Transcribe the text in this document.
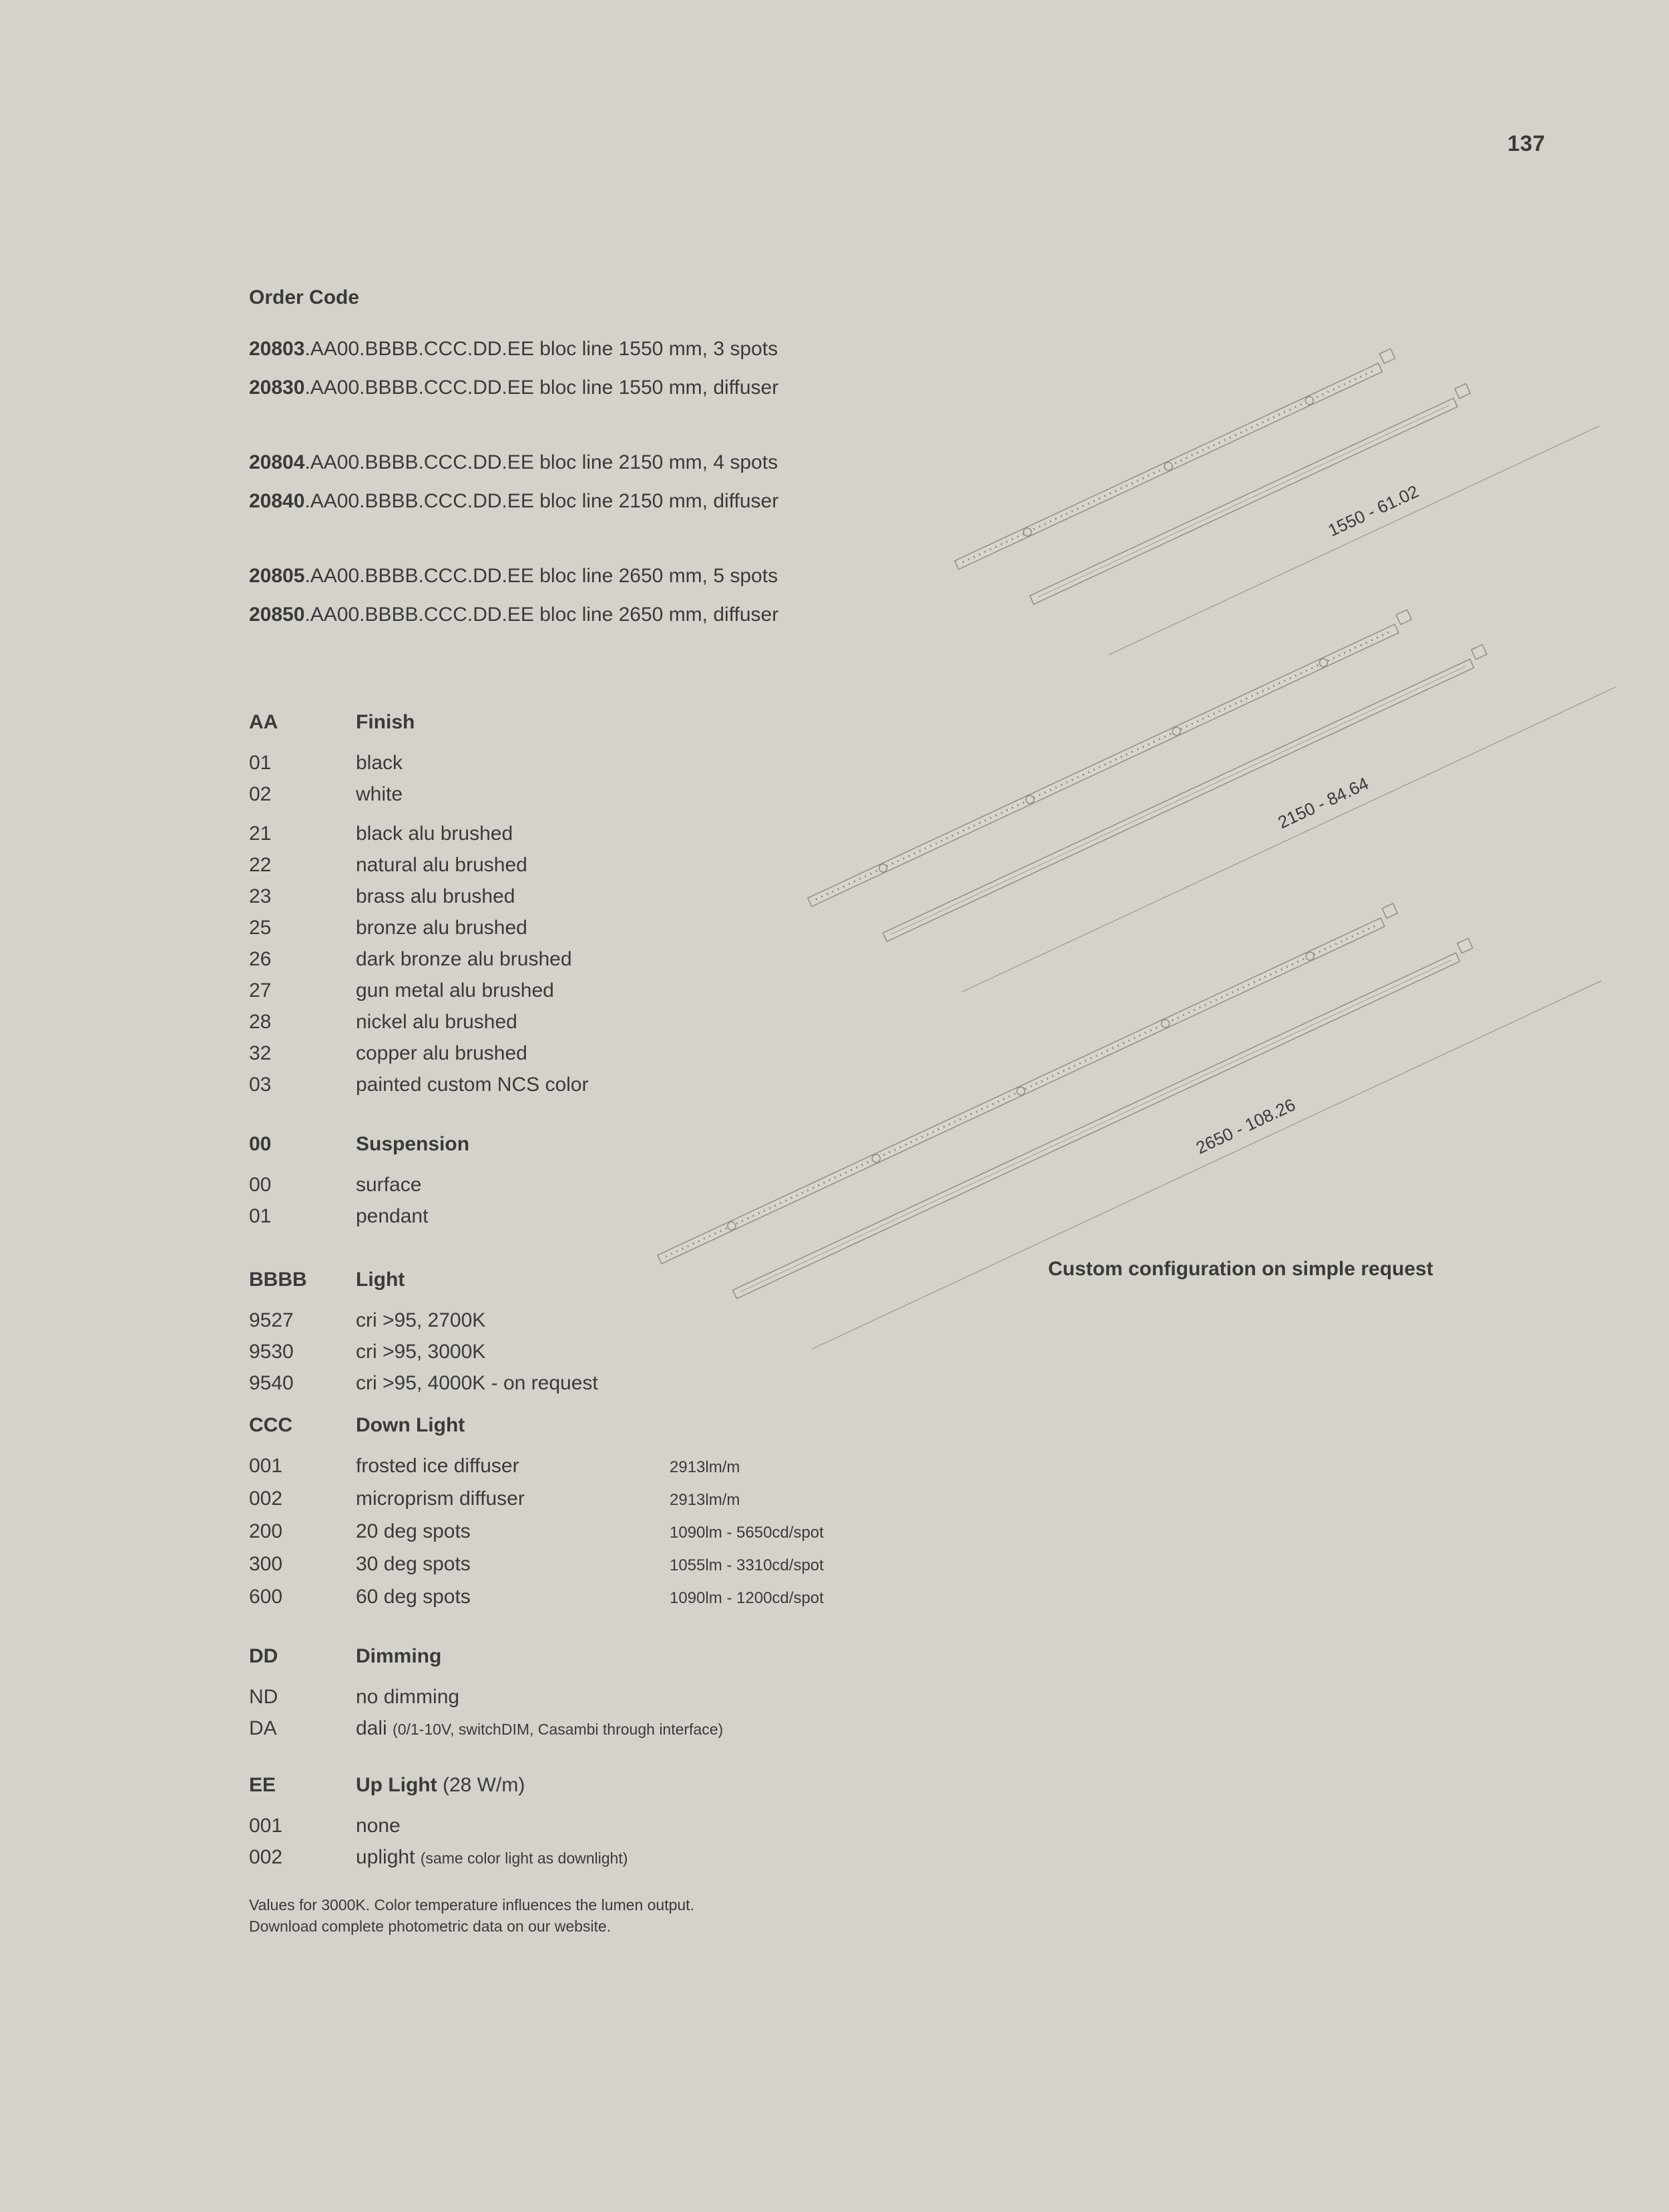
137
1550 - 61.02
2150 - 84.64
2650 - 108.26
Custom configuration on simple request
Order Code
20803.AA00.BBBB.CCC.DD.EE bloc line 1550 mm, 3 spots
20830.AA00.BBBB.CCC.DD.EE bloc line 1550 mm, diffuser
20804.AA00.BBBB.CCC.DD.EE bloc line 2150 mm, 4 spots
20840.AA00.BBBB.CCC.DD.EE bloc line 2150 mm, diffuser
20805.AA00.BBBB.CCC.DD.EE bloc line 2650 mm, 5 spots
20850.AA00.BBBB.CCC.DD.EE bloc line 2650 mm, diffuser
AA	Finish
01	black
02	white
21	black alu brushed
22	natural alu brushed
23	brass alu brushed
25	bronze alu brushed
26	dark bronze alu brushed
27	gun metal alu brushed
28	nickel alu brushed
32	copper alu brushed
03	painted custom NCS color
00	Suspension
00	surface
01	pendant
BBBB	Light
9527	cri >95, 2700K
9530	cri >95, 3000K
9540	cri >95, 4000K - on request
CCC	Down Light
001	frosted ice diffuser	2913lm/m
002	microprism diffuser	2913lm/m
200	20 deg spots	1090lm - 5650cd/spot
300	30 deg spots	1055lm - 3310cd/spot
600	60 deg spots	1090lm - 1200cd/spot
DD	Dimming
ND	no dimming
DA	dali (0/1-10V, switchDIM, Casambi through interface)
EE	Up Light (28 W/m)
001	none
002	uplight (same color light as downlight)
Values for 3000K. Color temperature influences the lumen output.
Download complete photometric data on our website.
